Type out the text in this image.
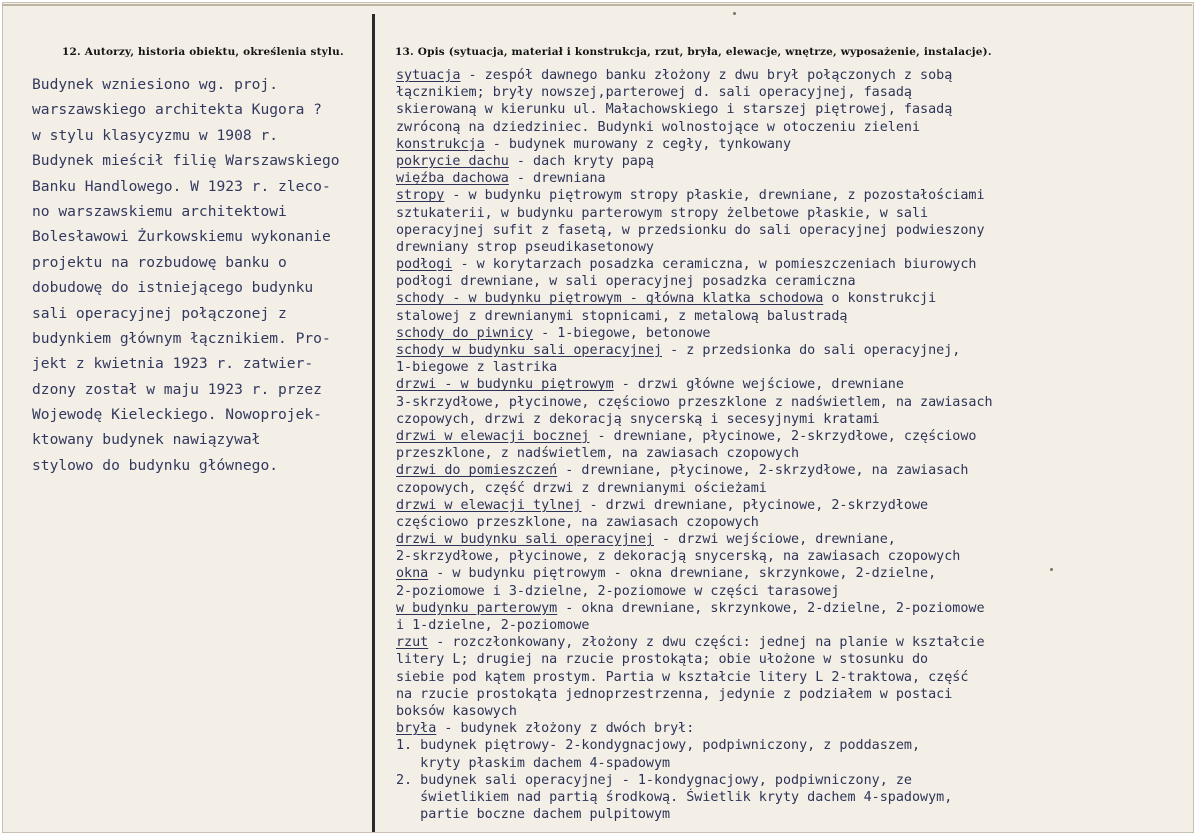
12. Autorzy, historia obiektu, określenia stylu.	13. Opis (sytuacja, materiał i konstrukcja, rzut, bryła, elewacje, wnętrze, wyposażenie, instalacje).
Budynek wzniesiono wg. proj.
warszawskiego architekta Kugora ?
w stylu klasycyzmu w 1908 r.
Budynek mieścił filię Warszawskiego
Banku Handlowego. W 1923 r. zleco-
no warszawskiemu architektowi
Bolesławowi Żurkowskiemu wykonanie
projektu na rozbudowę banku o
dobudowę do istniejącego budynku
sali operacyjnej połączonej z
budynkiem głównym łącznikiem. Pro-
jekt z kwietnia 1923 r. zatwier-
dzony został w maju 1923 r. przez
Wojewodę Kieleckiego. Nowoprojek-
ktowany budynek nawiązywał
stylowo do budynku głównego.
sytuacja - zespół dawnego banku złożony z dwu brył połączonych z sobą
łącznikiem; bryły nowszej,parterowej d. sali operacyjnej, fasadą
skierowaną w kierunku ul. Małachowskiego i starszej piętrowej, fasadą
zwróconą na dziedziniec. Budynki wolnostojące w otoczeniu zieleni
konstrukcja - budynek murowany z cegły, tynkowany
pokrycie dachu - dach kryty papą
więźba dachowa - drewniana
stropy - w budynku piętrowym stropy płaskie, drewniane, z pozostałościami
sztukaterii, w budynku parterowym stropy żelbetowe płaskie, w sali
operacyjnej sufit z fasetą, w przedsionku do sali operacyjnej podwieszony
drewniany strop pseudikasetonowy
podłogi - w korytarzach posadzka ceramiczna, w pomieszczeniach biurowych
podłogi drewniane, w sali operacyjnej posadzka ceramiczna
schody - w budynku piętrowym - główna klatka schodowa o konstrukcji
stalowej z drewnianymi stopnicami, z metalową balustradą
schody do piwnicy - 1-biegowe, betonowe
schody w budynku sali operacyjnej - z przedsionka do sali operacyjnej,
1-biegowe z lastrika
drzwi - w budynku piętrowym - drzwi główne wejściowe, drewniane
3-skrzydłowe, płycinowe, częściowo przeszklone z nadświetlem, na zawiasach
czopowych, drzwi z dekoracją snycerską i secesyjnymi kratami
drzwi w elewacji bocznej - drewniane, płycinowe, 2-skrzydłowe, częściowo
przeszklone, z nadświetlem, na zawiasach czopowych
drzwi do pomieszczeń - drewniane, płycinowe, 2-skrzydłowe, na zawiasach
czopowych, część drzwi z drewnianymi ościeżami
drzwi w elewacji tylnej - drzwi drewniane, płycinowe, 2-skrzydłowe
częściowo przeszklone, na zawiasach czopowych
drzwi w budynku sali operacyjnej - drzwi wejściowe, drewniane,
2-skrzydłowe, płycinowe, z dekoracją snycerską, na zawiasach czopowych
okna - w budynku piętrowym - okna drewniane, skrzynkowe, 2-dzielne,
2-poziomowe i 3-dzielne, 2-poziomowe w części tarasowej
w budynku parterowym - okna drewniane, skrzynkowe, 2-dzielne, 2-poziomowe
i 1-dzielne, 2-poziomowe
rzut - rozczłonkowany, złożony z dwu części: jednej na planie w kształcie
litery L; drugiej na rzucie prostokąta; obie ułożone w stosunku do
siebie pod kątem prostym. Partia w kształcie litery L 2-traktowa, część
na rzucie prostokąta jednoprzestrzenna, jedynie z podziałem w postaci
boksów kasowych
bryła - budynek złożony z dwóch brył:
1. budynek piętrowy- 2-kondygnacjowy, podpiwniczony, z poddaszem,
kryty płaskim dachem 4-spadowym
2. budynek sali operacyjnej - 1-kondygnacjowy, podpiwniczony, ze
świetlikiem nad partią środkową. Świetlik kryty dachem 4-spadowym,
partie boczne dachem pulpitowym
